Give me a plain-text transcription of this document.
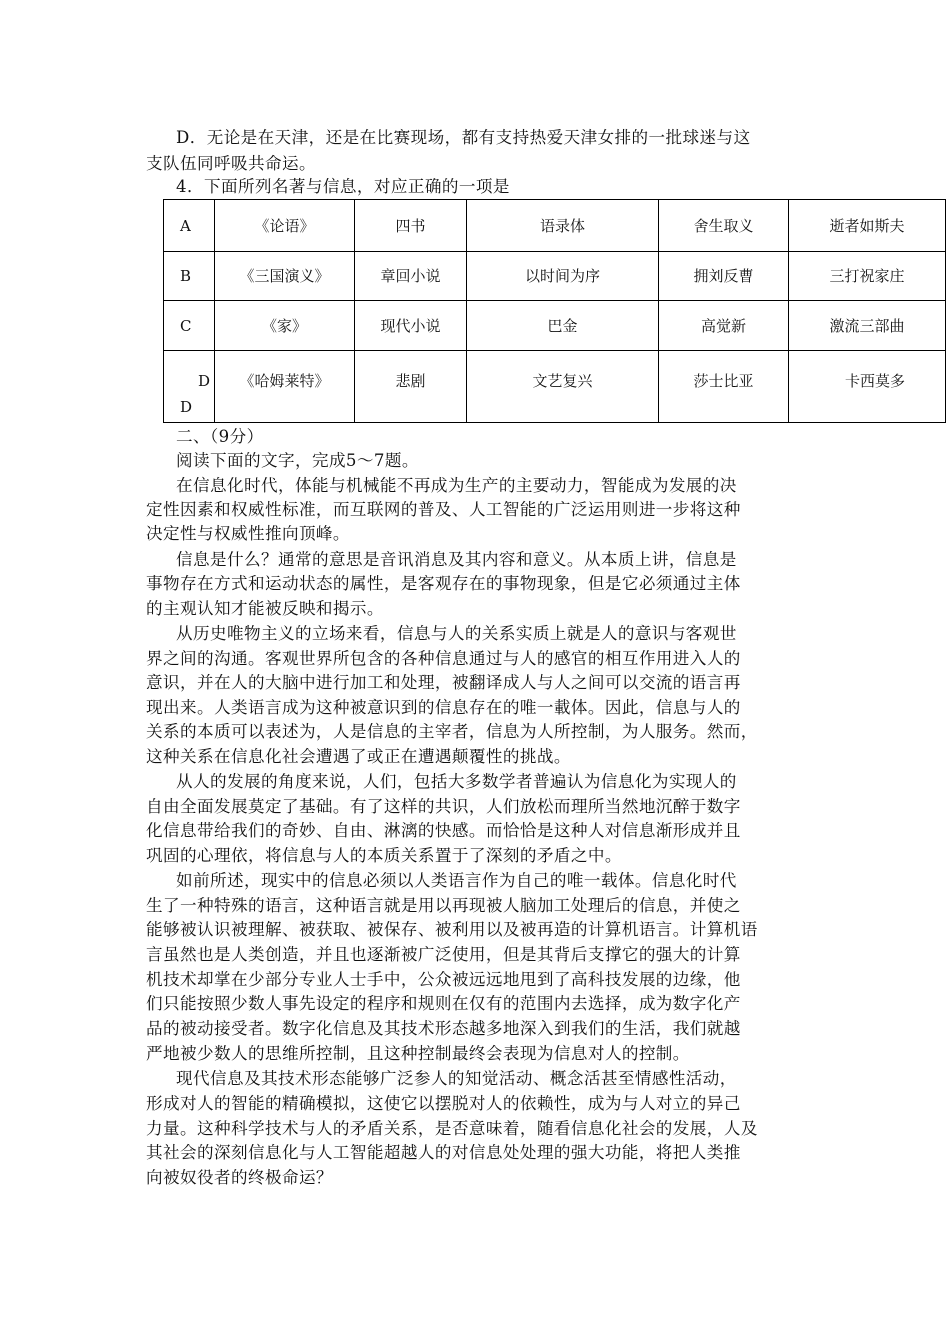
D．无论是在天津，还是在比赛现场，都有支持热爱天津女排的一批球迷与这
支队伍同呼吸共命运。
4．下面所列名著与信息，对应正确的一项是
A	《论语》	四书	语录体	舍生取义	逝者如斯夫
B	《三国演义》	章回小说	以时间为序	拥刘反曹	三打祝家庄
C	《家》	现代小说	巴金	高觉新	激流三部曲

D
D	《哈姆莱特》	悲剧	文艺复兴	莎士比亚	卡西莫多
二、（9分）
阅读下面的文字，完成5～7题。
在信息化时代，体能与机械能不再成为生产的主要动力，智能成为发展的决
定性因素和权威性标准，而互联网的普及、人工智能的广泛运用则进一步将这种
决定性与权威性推向顶峰。
信息是什么？通常的意思是音讯消息及其内容和意义。从本质上讲，信息是
事物存在方式和运动状态的属性，是客观存在的事物现象，但是它必须通过主体
的主观认知才能被反映和揭示。
从历史唯物主义的立场来看，信息与人的关系实质上就是人的意识与客观世
界之间的沟通。客观世界所包含的各种信息通过与人的感官的相互作用进入人的
意识，并在人的大脑中进行加工和处理，被翻译成人与人之间可以交流的语言再
现出来。人类语言成为这种被意识到的信息存在的唯一載体。因此，信息与人的
关系的本质可以表述为，人是信息的主宰者，信息为人所控制，为人服务。然而，
这种关系在信息化社会遭遇了或正在遭遇颠覆性的挑战。
从人的发展的角度来说，人们，包括大多数学者普遍认为信息化为实现人的
自由全面发展莫定了基础。有了这样的共识，人们放松而理所当然地沉醉于数字
化信息带给我们的奇妙、自由、淋漓的快感。而恰恰是这种人对信息渐形成并且
巩固的心理依，将信息与人的本质关系置于了深刻的矛盾之中。
如前所述，现实中的信息必须以人类语言作为自己的唯一载体。信息化时代
生了一种特殊的语言，这种语言就是用以再现被人脑加工处理后的信息，并使之
能够被认识被理解、被获取、被保存、被利用以及被再造的计算机语言。计算机语
言虽然也是人类创造，并且也逐渐被广泛使用，但是其背后支撑它的强大的计算
机技术却掌在少部分专业人士手中，公众被远远地甩到了高科技发展的边缘，他
们只能按照少数人事先设定的程序和规则在仅有的范围内去选择，成为数字化产
品的被动接受者。数字化信息及其技术形态越多地深入到我们的生活，我们就越
严地被少数人的思维所控制，且这种控制最终会表现为信息对人的控制。
现代信息及其技术形态能够广泛参人的知觉活动、概念活甚至情感性活动，
形成对人的智能的精确模拟，这使它以摆脱对人的依赖性，成为与人对立的异己
力量。这种科学技术与人的矛盾关系，是否意味着，随看信息化社会的发展，人及
其社会的深刻信息化与人工智能超越人的对信息处处理的强大功能，将把人类推
向被奴役者的终极命运？
